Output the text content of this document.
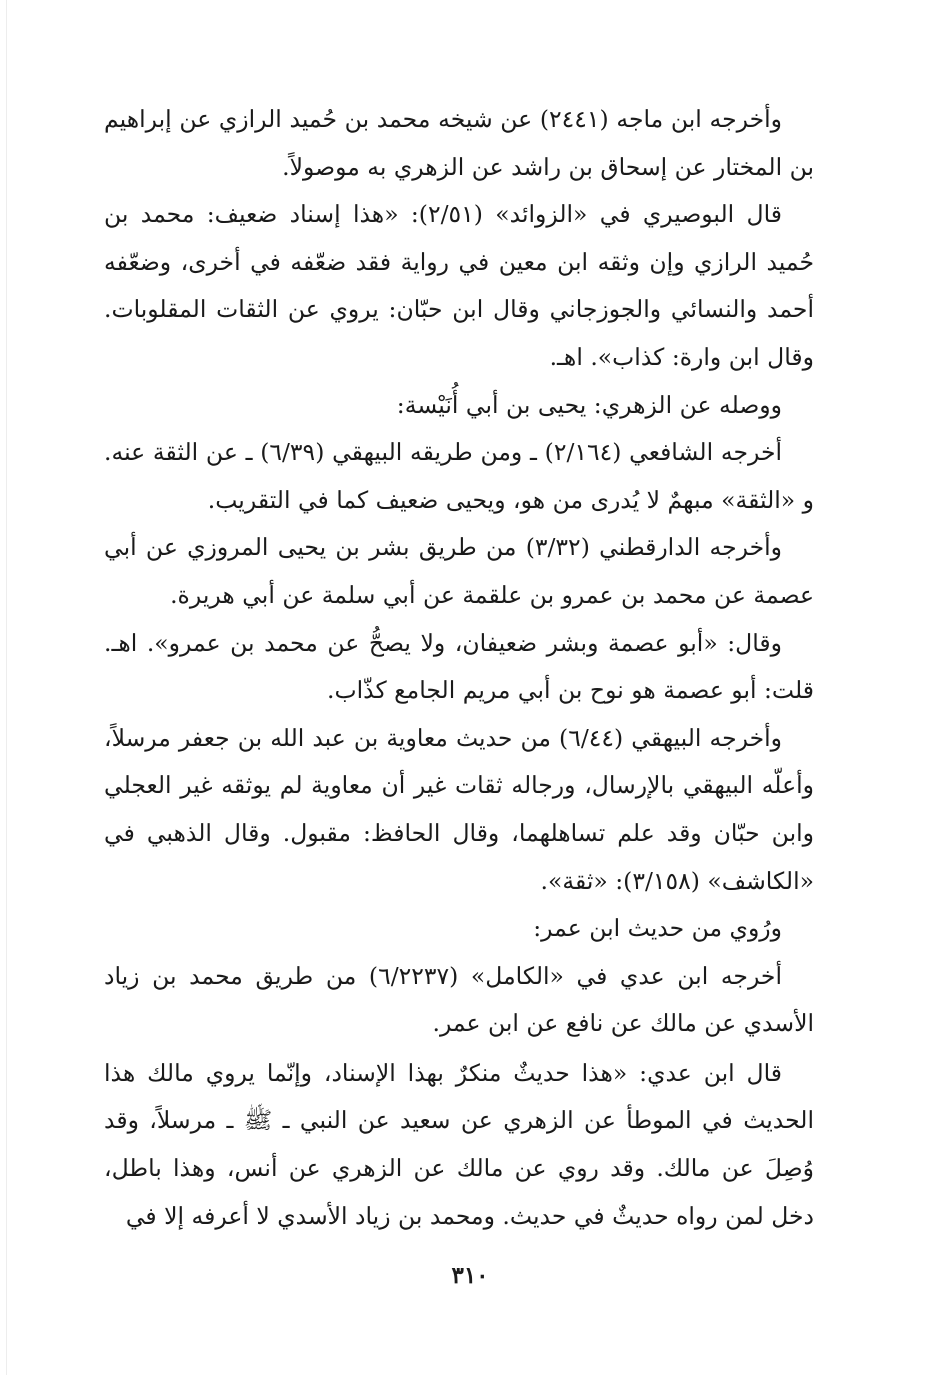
وأخرجه ابن ماجه (٢٤٤١) عن شيخه محمد بن حُميد الرازي عن إبراهيم بن المختار عن إسحاق بن راشد عن الزهري به موصولاً.

قال البوصيري في «الزوائد» (٢/٥١): «هذا إسناد ضعيف: محمد بن حُميد الرازي وإن وثقه ابن معين في رواية فقد ضعّفه في أخرى، وضعّفه أحمد والنسائي والجوزجاني وقال ابن حبّان: يروي عن الثقات المقلوبات. وقال ابن وارة: كذاب». اهـ.

ووصله عن الزهري: يحيى بن أبي أُنَيْسة:

أخرجه الشافعي (٢/١٦٤) ـ ومن طريقه البيهقي (٦/٣٩) ـ عن الثقة عنه. و «الثقة» مبهمٌ لا يُدرى من هو، ويحيى ضعيف كما في التقريب.

وأخرجه الدارقطني (٣/٣٢) من طريق بشر بن يحيى المروزي عن أبي عصمة عن محمد بن عمرو بن علقمة عن أبي سلمة عن أبي هريرة.

وقال: «أبو عصمة وبشر ضعيفان، ولا يصحُّ عن محمد بن عمرو». اهـ. قلت: أبو عصمة هو نوح بن أبي مريم الجامع كذّاب.

وأخرجه البيهقي (٦/٤٤) من حديث معاوية بن عبد الله بن جعفر مرسلاً، وأعلّه البيهقي بالإرسال، ورجاله ثقات غير أن معاوية لم يوثقه غير العجلي وابن حبّان وقد علم تساهلهما، وقال الحافظ: مقبول. وقال الذهبي في «الكاشف» (٣/١٥٨): «ثقة».

ورُوي من حديث ابن عمر:

أخرجه ابن عدي في «الكامل» (٦/٢٢٣٧) من طريق محمد بن زياد الأسدي عن مالك عن نافع عن ابن عمر.

قال ابن عدي: «هذا حديثٌ منكرٌ بهذا الإسناد، وإنّما يروي مالك هذا الحديث في الموطأ عن الزهري عن سعيد عن النبي ـ ﷺ ـ مرسلاً، وقد وُصِلَ عن مالك. وقد روي عن مالك عن الزهري عن أنس، وهذا باطل، دخل لمن رواه حديثٌ في حديث. ومحمد بن زياد الأسدي لا أعرفه إلا في

٣١٠
